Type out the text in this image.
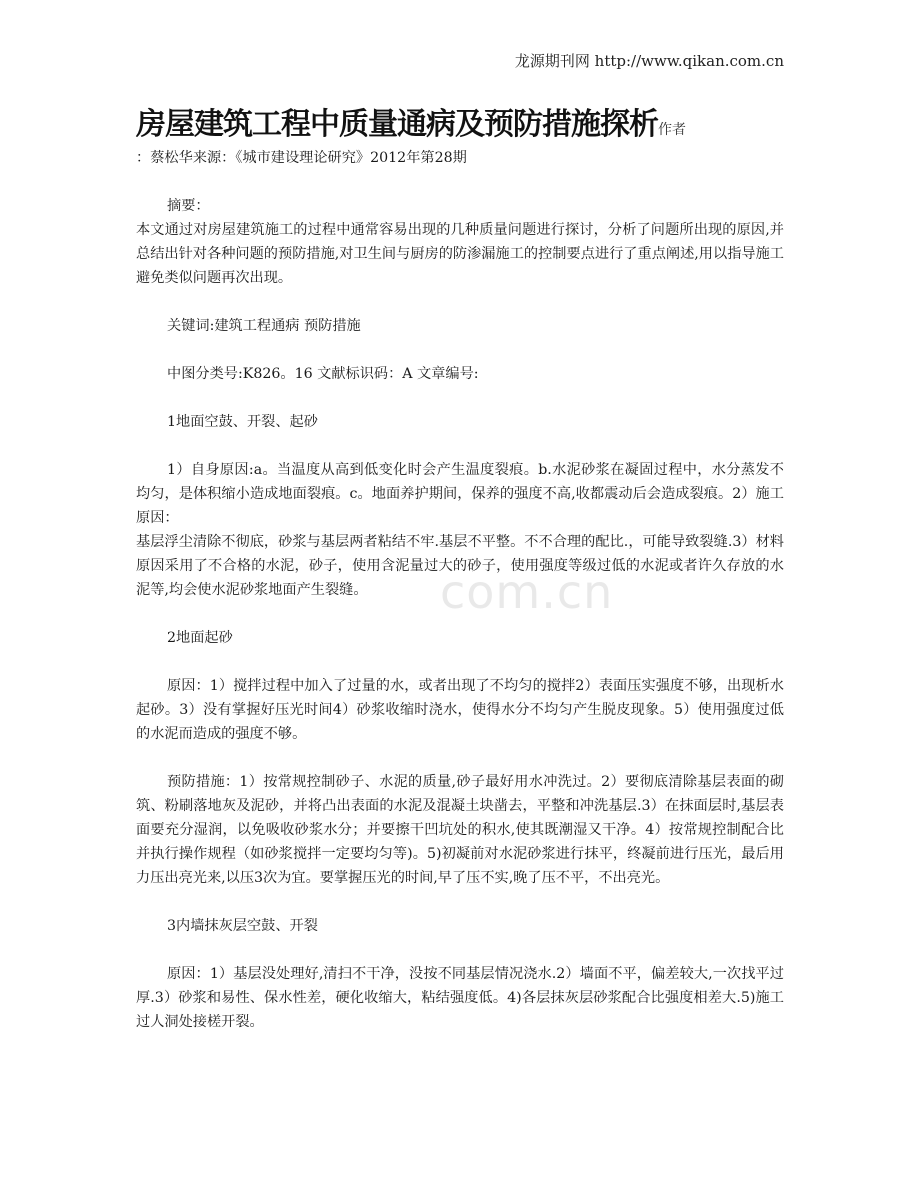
龙源期刊网 http://www.qikan.com.cn
com.cn
房屋建筑工程中质量通病及预防措施探析作者
：蔡松华来源：《城市建设理论研究》2012年第28期

摘要：

本文通过对房屋建筑施工的过程中通常容易出现的几种质量问题进行探讨，分析了问题所出现的原因,并总结出针对各种问题的预防措施,对卫生间与厨房的防渗漏施工的控制要点进行了重点阐述,用以指导施工避免类似问题再次出现。

关键词:建筑工程通病 预防措施

中图分类号:K826。16 文献标识码：A 文章编号:

1地面空鼓、开裂、起砂

1）自身原因:a。当温度从高到低变化时会产生温度裂痕。b.水泥砂浆在凝固过程中，水分蒸发不均匀，是体积缩小造成地面裂痕。c。地面养护期间，保养的强度不高,收都震动后会造成裂痕。2）施工原因：

基层浮尘清除不彻底，砂浆与基层两者粘结不牢.基层不平整。不不合理的配比.，可能导致裂缝.3）材料原因采用了不合格的水泥，砂子，使用含泥量过大的砂子，使用强度等级过低的水泥或者许久存放的水泥等,均会使水泥砂浆地面产生裂缝。

2地面起砂

原因：1）搅拌过程中加入了过量的水，或者出现了不均匀的搅拌2）表面压实强度不够，出现析水起砂。3）没有掌握好压光时间4）砂浆收缩时浇水，使得水分不均匀产生脱皮现象。5）使用强度过低的水泥而造成的强度不够。

预防措施：1）按常规控制砂子、水泥的质量,砂子最好用水冲洗过。2）要彻底清除基层表面的砌筑、粉刷落地灰及泥砂，并将凸出表面的水泥及混凝土块凿去，平整和冲洗基层.3）在抹面层时,基层表面要充分湿润，以免吸收砂浆水分；并要擦干凹坑处的积水,使其既潮湿又干净。4）按常规控制配合比并执行操作规程（如砂浆搅拌一定要均匀等)。5)初凝前对水泥砂浆进行抹平，终凝前进行压光，最后用力压出亮光来,以压3次为宜。要掌握压光的时间,早了压不实,晚了压不平，不出亮光。

3内墙抹灰层空鼓、开裂

原因：1）基层没处理好,清扫不干净，没按不同基层情况浇水.2）墙面不平，偏差较大,一次找平过厚.3）砂浆和易性、保水性差，硬化收缩大，粘结强度低。4)各层抹灰层砂浆配合比强度相差大.5)施工过人洞处接槎开裂。
